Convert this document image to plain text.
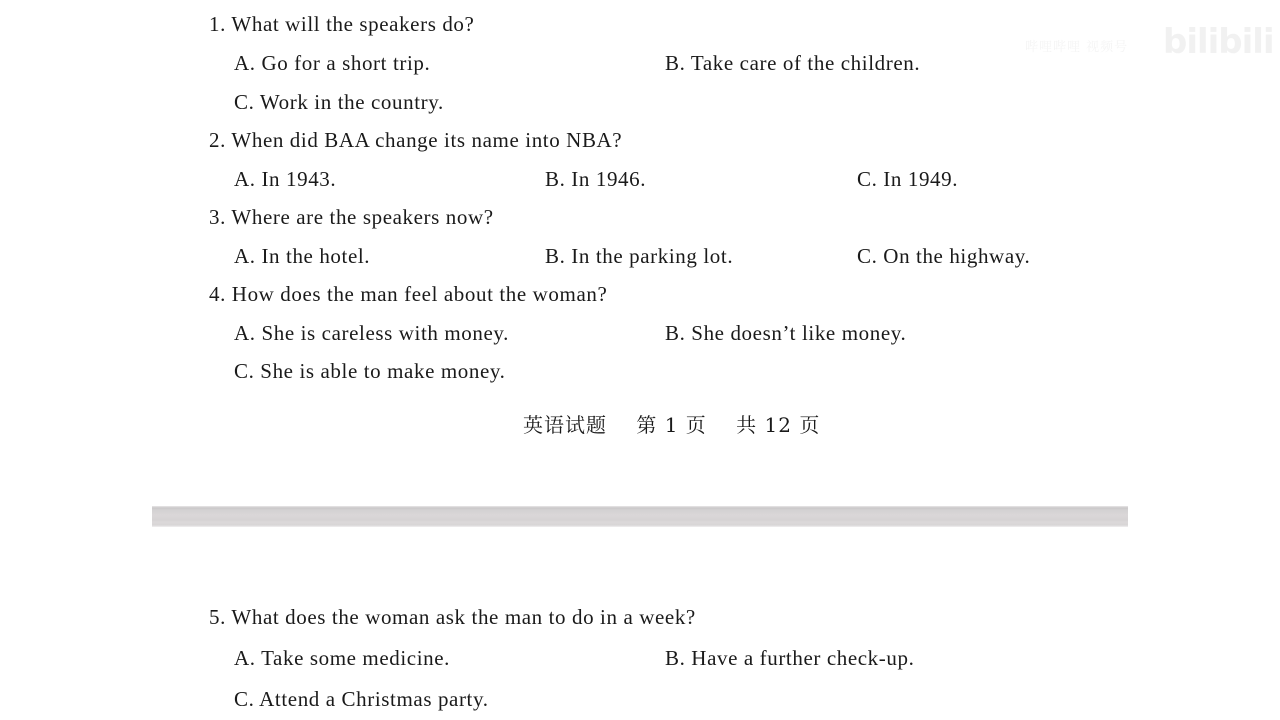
哔哩哔哩 视频号 bilibili
1. What will the speakers do?
A. Go for a short trip.	B. Take care of the children.
C. Work in the country.
2. When did BAA change its name into NBA?
A. In 1943.	B. In 1946.	C. In 1949.
3. Where are the speakers now?
A. In the hotel.	B. In the parking lot.	C. On the highway.
4. How does the man feel about the woman?
A. She is careless with money.	B. She doesn’t like money.
C. She is able to make money.
英语试题 第 1 页 共 12 页
5. What does the woman ask the man to do in a week?
A. Take some medicine.	B. Have a further check-up.
C. Attend a Christmas party.
